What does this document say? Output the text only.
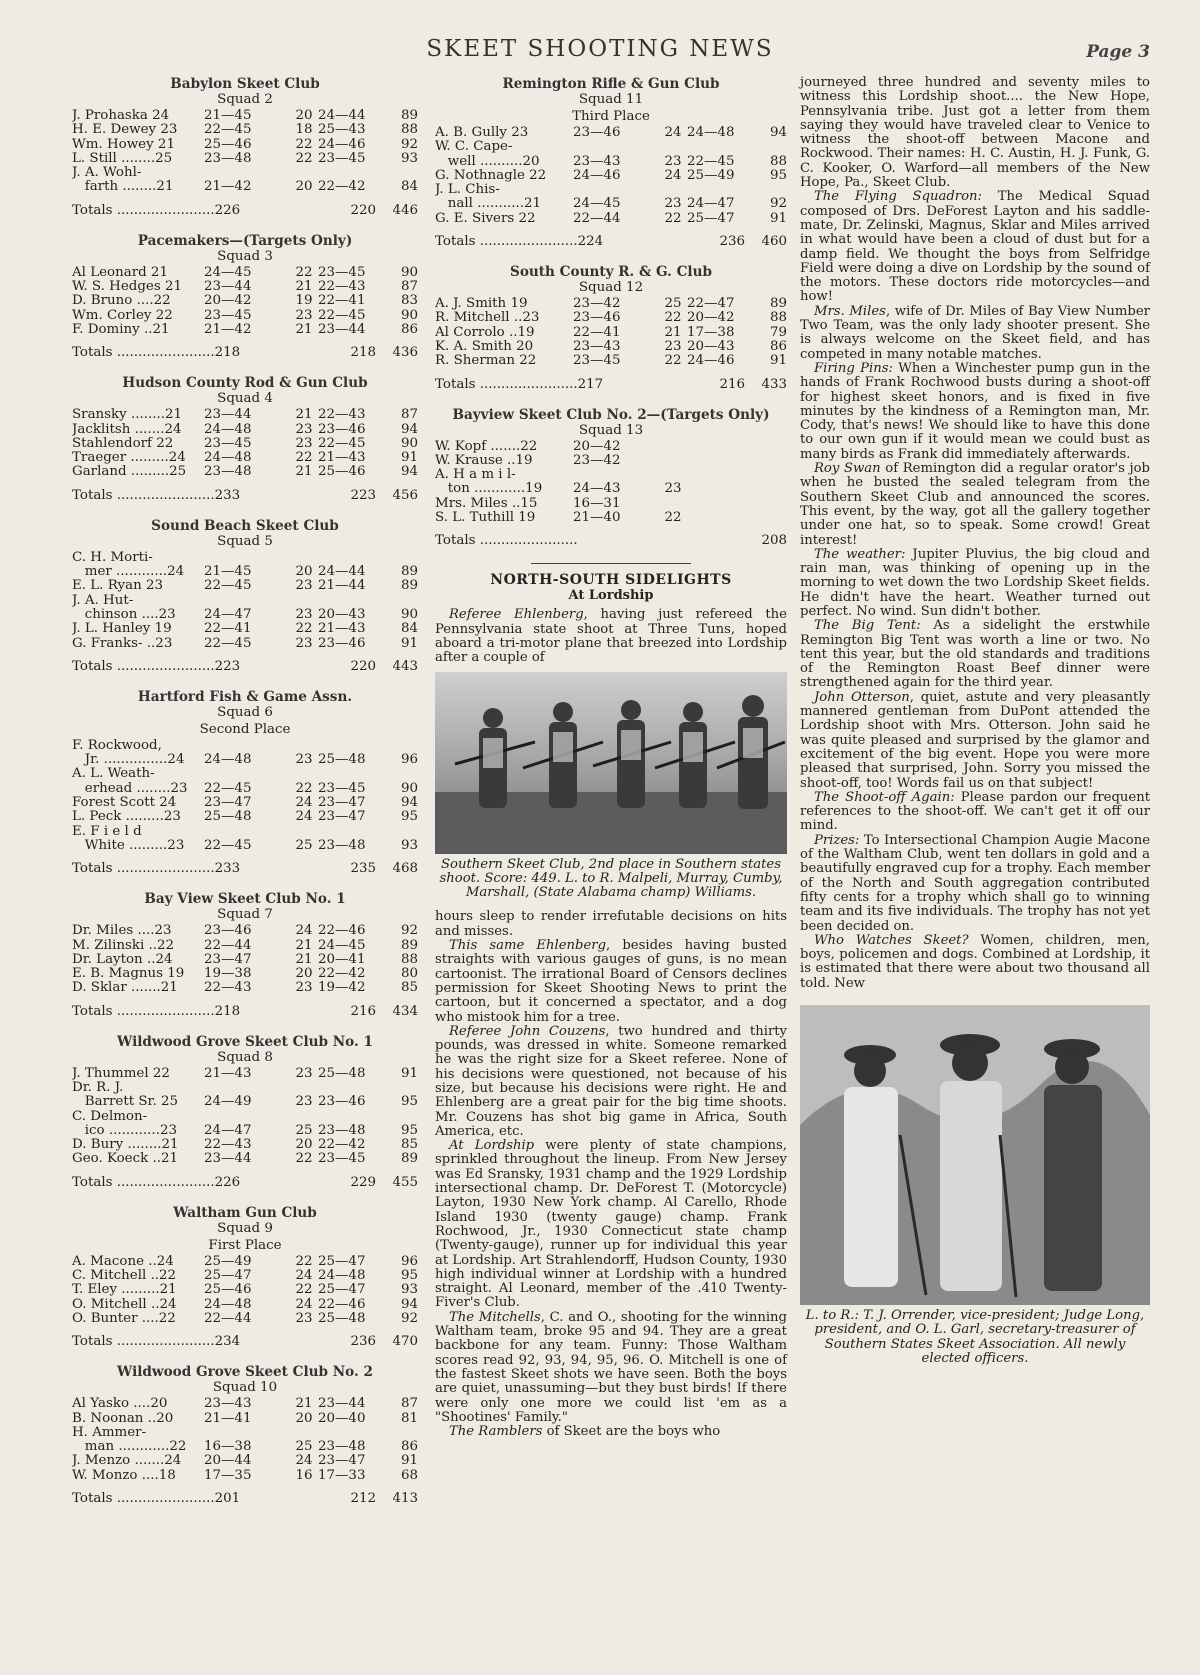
SKEET SHOOTING NEWS	Page 3
Babylon Skeet Club
Squad 2
J. Prohaska 24	21—45	20 24—44	89
H. E. Dewey 23	22—45	18 25—43	88
Wm. Howey 21	25—46	22 24—46	92
L. Still ........25	23—48	22 23—45	93
J. A. Wohl-
farth ........21	21—42	20 22—42	84
Totals .......................226	220	446
Pacemakers—(Targets Only)
Squad 3
Al Leonard 21	24—45	22 23—45	90
W. S. Hedges 21	23—44	21 22—43	87
D. Bruno ....22	20—42	19 22—41	83
Wm. Corley 22	23—45	23 22—45	90
F. Dominy ..21	21—42	21 23—44	86
Totals .......................218	218	436
Hudson County Rod & Gun Club
Squad 4
Sransky ........21	23—44	21 22—43	87
Jacklitsh .......24	24—48	23 23—46	94
Stahlendorf 22	23—45	23 22—45	90
Traeger .........24	24—48	22 21—43	91
Garland .........25	23—48	21 25—46	94
Totals .......................233	223	456
Sound Beach Skeet Club
Squad 5
C. H. Morti-
mer ............24	21—45	20 24—44	89
E. L. Ryan 23	22—45	23 21—44	89
J. A. Hut-
chinson ....23	24—47	23 20—43	90
J. L. Hanley 19	22—41	22 21—43	84
G. Franks- ..23	22—45	23 23—46	91
Totals .......................223	220	443
Hartford Fish & Game Assn.
Squad 6
Second Place
F. Rockwood,
Jr. ...............24	24—48	23 25—48	96
A. L. Weath-
erhead ........23	22—45	22 23—45	90
Forest Scott 24	23—47	24 23—47	94
L. Peck .........23	25—48	24 23—47	95
E. F i e l d
White .........23	22—45	25 23—48	93
Totals .......................233	235	468
Bay View Skeet Club No. 1
Squad 7
Dr. Miles ....23	23—46	24 22—46	92
M. Zilinski ..22	22—44	21 24—45	89
Dr. Layton ..24	23—47	21 20—41	88
E. B. Magnus 19	19—38	20 22—42	80
D. Sklar .......21	22—43	23 19—42	85
Totals .......................218	216	434
Wildwood Grove Skeet Club No. 1
Squad 8
J. Thummel 22	21—43	23 25—48	91
Dr. R. J.
Barrett Sr. 25	24—49	23 23—46	95
C. Delmon-
ico ............23	24—47	25 23—48	95
D. Bury ........21	22—43	20 22—42	85
Geo. Koeck ..21	23—44	22 23—45	89
Totals .......................226	229	455
Waltham Gun Club
Squad 9
First Place
A. Macone ..24	25—49	22 25—47	96
C. Mitchell ..22	25—47	24 24—48	95
T. Eley .........21	25—46	22 25—47	93
O. Mitchell ..24	24—48	24 22—46	94
O. Bunter ....22	22—44	23 25—48	92
Totals .......................234	236	470
Wildwood Grove Skeet Club No. 2
Squad 10
Al Yasko ....20	23—43	21 23—44	87
B. Noonan ..20	21—41	20 20—40	81
H. Ammer-
man ............22	16—38	25 23—48	86
J. Menzo .......24	20—44	24 23—47	91
W. Monzo ....18	17—35	16 17—33	68
Totals .......................201	212	413
Remington Rifle & Gun Club
Squad 11
Third Place
A. B. Gully 23	23—46	24 24—48	94
W. C. Cape-
well ..........20	23—43	23 22—45	88
G. Nothnagle 22	24—46	24 25—49	95
J. L. Chis-
nall ...........21	24—45	23 24—47	92
G. E. Sivers 22	22—44	22 25—47	91
Totals .......................224	236	460
South County R. & G. Club
Squad 12
A. J. Smith 19	23—42	25 22—47	89
R. Mitchell ..23	23—46	22 20—42	88
Al Corrolo ..19	22—41	21 17—38	79
K. A. Smith 20	23—43	23 20—43	86
R. Sherman 22	23—45	22 24—46	91
Totals .......................217	216	433
Bayview Skeet Club No. 2—(Targets Only)
Squad 13
W. Kopf .......22	20—42
W. Krause ..19	23—42
A. H a m i l-
ton ............19	24—43	23
Mrs. Miles ..15	16—31
S. L. Tuthill 19	21—40	22
Totals .......................	208
NORTH-SOUTH SIDELIGHTS
At Lordship

Referee Ehlenberg, having just refereed the Pennsylvania state shoot at Three Tuns, hoped aboard a tri-motor plane that breezed into Lordship after a couple of

Southern Skeet Club, 2nd place in Southern states shoot. Score: 449. L. to R. Malpeli, Murray, Cumby, Marshall, (State Alabama champ) Williams.

hours sleep to render irrefutable decisions on hits and misses.

This same Ehlenberg, besides having busted straights with various gauges of guns, is no mean cartoonist. The irrational Board of Censors declines permission for Skeet Shooting News to print the cartoon, but it concerned a spectator, and a dog who mistook him for a tree.

Referee John Couzens, two hundred and thirty pounds, was dressed in white. Someone remarked he was the right size for a Skeet referee. None of his decisions were questioned, not because of his size, but because his decisions were right. He and Ehlenberg are a great pair for the big time shoots. Mr. Couzens has shot big game in Africa, South America, etc.

At Lordship were plenty of state champions, sprinkled throughout the lineup. From New Jersey was Ed Sransky, 1931 champ and the 1929 Lordship intersectional champ. Dr. DeForest T. (Motorcycle) Layton, 1930 New York champ. Al Carello, Rhode Island 1930 (twenty gauge) champ. Frank Rochwood, Jr., 1930 Connecticut state champ (Twenty-gauge), runner up for individual this year at Lordship. Art Strahlendorff, Hudson County, 1930 high individual winner at Lordship with a hundred straight. Al Leonard, member of the .410 Twenty-Fiver's Club.

The Mitchells, C. and O., shooting for the winning Waltham team, broke 95 and 94. They are a great backbone for any team. Funny: Those Waltham scores read 92, 93, 94, 95, 96. O. Mitchell is one of the fastest Skeet shots we have seen. Both the boys are quiet, unassuming—but they bust birds! If there were only one more we could list 'em as a "Shootines' Family."

The Ramblers of Skeet are the boys who

journeyed three hundred and seventy miles to witness this Lordship shoot.... the New Hope, Pennsylvania tribe. Just got a letter from them saying they would have traveled clear to Venice to witness the shoot-off between Macone and Rockwood. Their names: H. C. Austin, H. J. Funk, G. C. Kooker, O. Warford—all members of the New Hope, Pa., Skeet Club.

The Flying Squadron: The Medical Squad composed of Drs. DeForest Layton and his saddle-mate, Dr. Zelinski, Magnus, Sklar and Miles arrived in what would have been a cloud of dust but for a damp field. We thought the boys from Selfridge Field were doing a dive on Lordship by the sound of the motors. These doctors ride motorcycles—and how!

Mrs. Miles, wife of Dr. Miles of Bay View Number Two Team, was the only lady shooter present. She is always welcome on the Skeet field, and has competed in many notable matches.

Firing Pins: When a Winchester pump gun in the hands of Frank Rochwood busts during a shoot-off for highest skeet honors, and is fixed in five minutes by the kindness of a Remington man, Mr. Cody, that's news! We should like to have this done to our own gun if it would mean we could bust as many birds as Frank did immediately afterwards.

Roy Swan of Remington did a regular orator's job when he busted the sealed telegram from the Southern Skeet Club and announced the scores. This event, by the way, got all the gallery together under one hat, so to speak. Some crowd! Great interest!

The weather: Jupiter Pluvius, the big cloud and rain man, was thinking of opening up in the morning to wet down the two Lordship Skeet fields. He didn't have the heart. Weather turned out perfect. No wind. Sun didn't bother.

The Big Tent: As a sidelight the erstwhile Remington Big Tent was worth a line or two. No tent this year, but the old standards and traditions of the Remington Roast Beef dinner were strengthened again for the third year.

John Otterson, quiet, astute and very pleasantly mannered gentleman from DuPont attended the Lordship shoot with Mrs. Otterson. John said he was quite pleased and surprised by the glamor and excitement of the big event. Hope you were more pleased that surprised, John. Sorry you missed the shoot-off, too! Words fail us on that subject!

The Shoot-off Again: Please pardon our frequent references to the shoot-off. We can't get it off our mind.

Prizes: To Intersectional Champion Augie Macone of the Waltham Club, went ten dollars in gold and a beautifully engraved cup for a trophy. Each member of the North and South aggregation contributed fifty cents for a trophy which shall go to winning team and its five individuals. The trophy has not yet been decided on.

Who Watches Skeet? Women, children, men, boys, policemen and dogs. Combined at Lordship, it is estimated that there were about two thousand all told. New

L. to R.: T. J. Orrender, vice-president; Judge Long, president, and O. L. Garl, secretary-treasurer of Southern States Skeet Association. All newly elected officers.
